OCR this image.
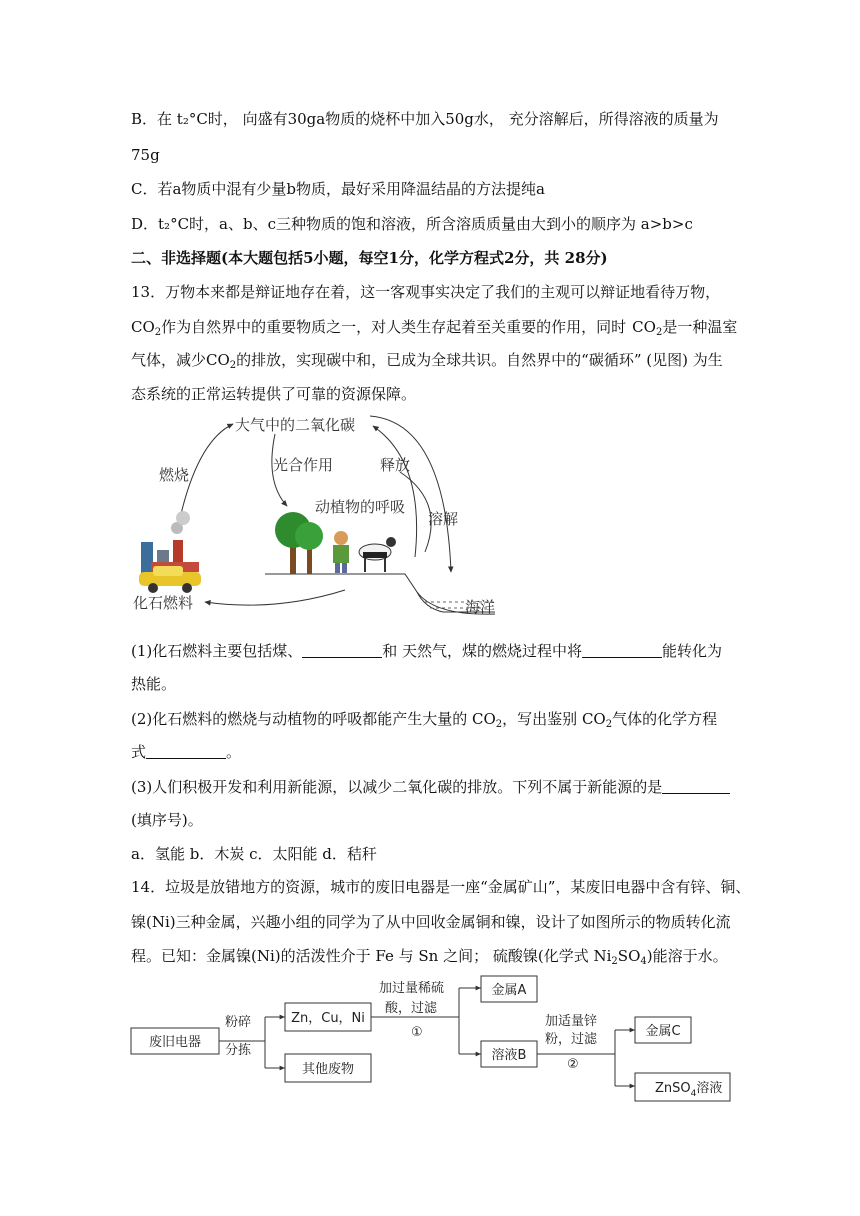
B．在 t₂°C时， 向盛有30ga物质的烧杯中加入50g水， 充分溶解后，所得溶液的质量为
75g
C．若a物质中混有少量b物质，最好采用降温结晶的方法提纯a
D．t₂°C时，a、b、c三种物质的饱和溶液，所含溶质质量由大到小的顺序为 a>b>c
二、非选择题(本大题包括5小题，每空1分，化学方程式2分，共 28分)
13．万物本来都是辩证地存在着，这一客观事实决定了我们的主观可以辩证地看待万物，
$CO_2$作为自然界中的重要物质之一，对人类生存起着至关重要的作用，同时 $CO_2$是一种温室
气体，减少$CO_2$的排放，实现碳中和，已成为全球共识。自然界中的“碳循环” (见图) 为生
态系统的正常运转提供了可靠的资源保障。
大气中的二氧化碳
燃烧
光合作用	释放
动植物的呼吸
溶解
化石燃料	海洋
(1)化石燃料主要包括煤、	和 天然气，煤的燃烧过程中将	能转化为
热能。
(2)化石燃料的燃烧与动植物的呼吸都能产生大量的 $CO_2$，写出鉴别 $CO_2$气体的化学方程
式	。
(3)人们积极开发和利用新能源，以减少二氧化碳的排放。下列不属于新能源的是
(填序号)。
a．氢能 b．木炭 c．太阳能 d．秸秆
14．垃圾是放错地方的资源，城市的废旧电器是一座“金属矿山”，某废旧电器中含有锌、铜、
镍(Ni)三种金属，兴趣小组的同学为了从中回收金属铜和镍，设计了如图所示的物质转化流
程。已知：金属镍(Ni)的活泼性介于 Fe 与 Sn 之间； 硫酸镍(化学式 $Ni_2SO_4$)能溶于水。
废旧电器
粉碎
分拣
Zn，Cu，Ni
其他废物
加过量稀硫
酸，过滤
①
金属A
溶液B
加适量锌
粉，过滤
②
金属C
ZnSO$_4$溶液
